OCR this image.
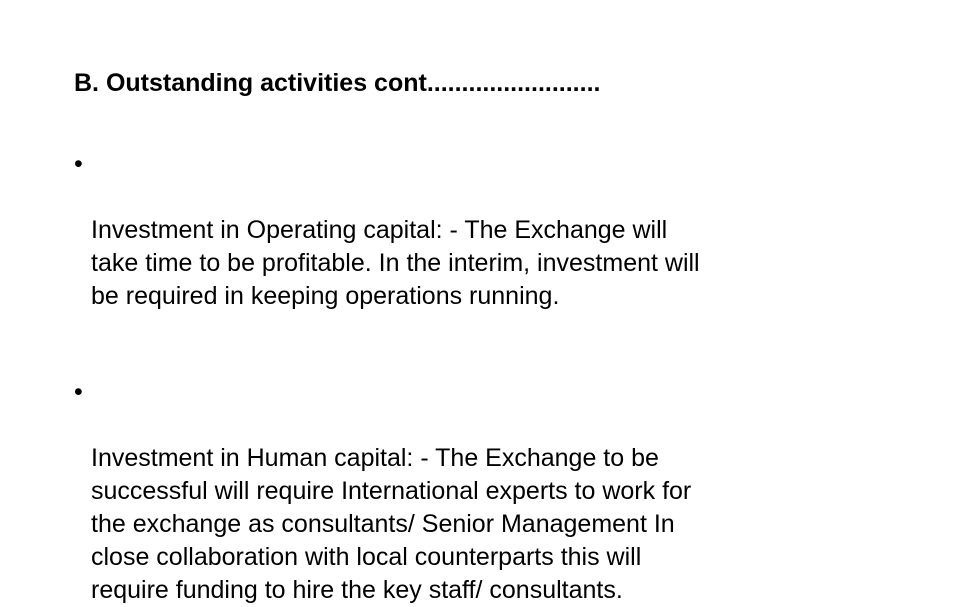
B. Outstanding activities cont.........................

•

Investment in Operating capital: - The Exchange will
take time to be profitable. In the interim, investment will
be required in keeping operations running.

•

Investment in Human capital: - The Exchange to be
successful will require International experts to work for
the exchange as consultants/ Senior Management In
close collaboration with local counterparts this will
require funding to hire the key staff/ consultants.
